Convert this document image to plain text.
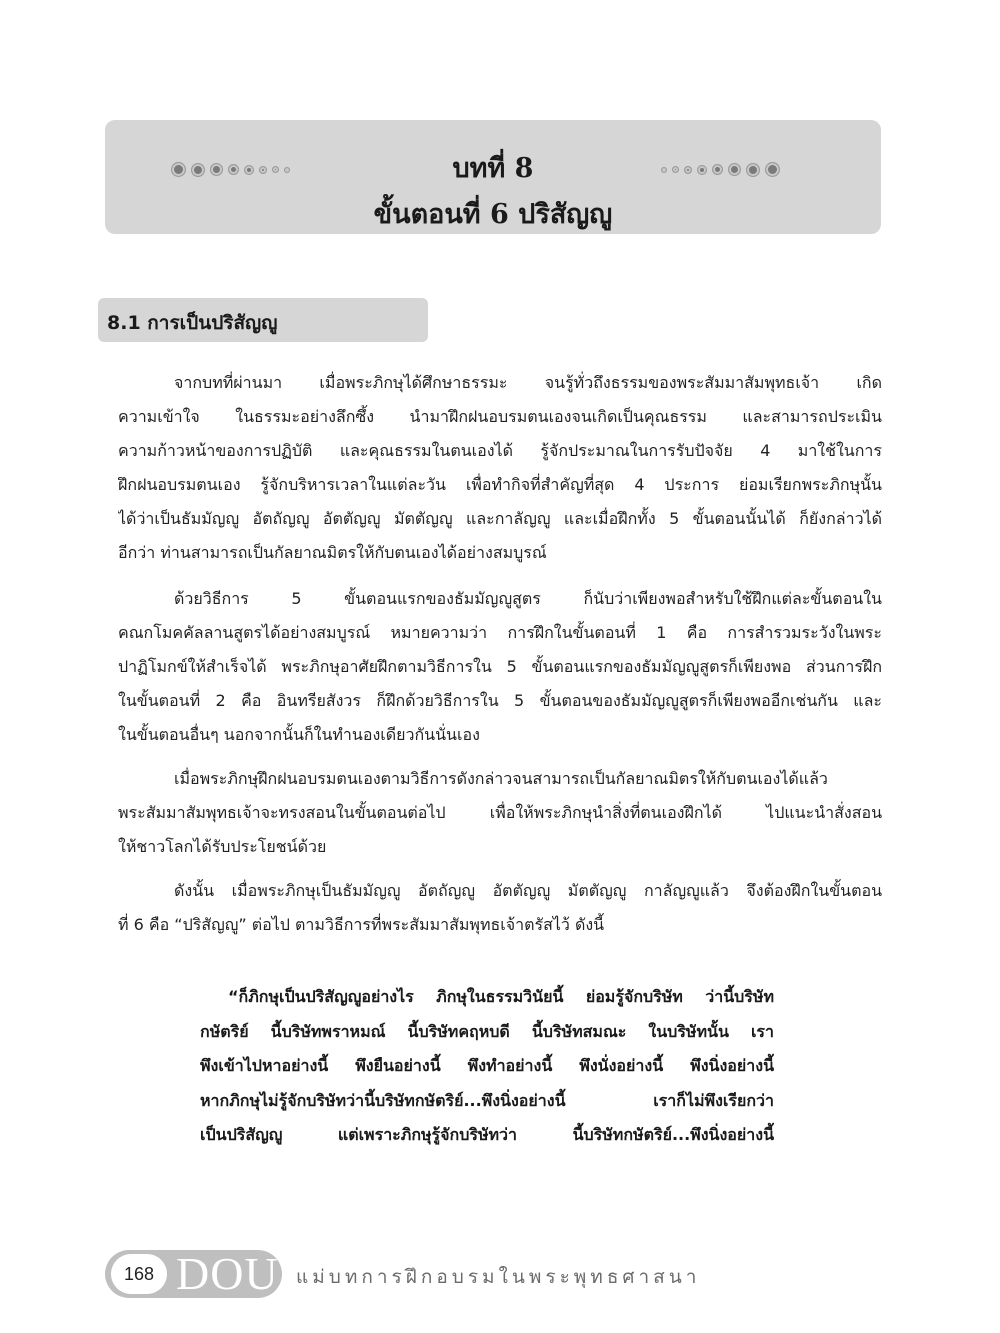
บทที่ 8
ขั้นตอนที่ 6 ปริสัญญู
8.1 การเป็นปริสัญญู
จากบทที่ผ่านมา เมื่อพระภิกษุได้ศึกษาธรรมะ จนรู้ทั่วถึงธรรมของพระสัมมาสัมพุทธเจ้า เกิด
ความเข้าใจ ในธรรมะอย่างลึกซึ้ง นำมาฝึกฝนอบรมตนเองจนเกิดเป็นคุณธรรม และสามารถประเมิน
ความก้าวหน้าของการปฏิบัติ และคุณธรรมในตนเองได้ รู้จักประมาณในการรับปัจจัย 4 มาใช้ในการ
ฝึกฝนอบรมตนเอง รู้จักบริหารเวลาในแต่ละวัน เพื่อทำกิจที่สำคัญที่สุด 4 ประการ ย่อมเรียกพระภิกษุนั้น
ได้ว่าเป็นธัมมัญญู อัตถัญญู อัตตัญญู มัตตัญญู และกาลัญญู และเมื่อฝึกทั้ง 5 ขั้นตอนนั้นได้ ก็ยังกล่าวได้
อีกว่า ท่านสามารถเป็นกัลยาณมิตรให้กับตนเองได้อย่างสมบูรณ์
ด้วยวิธีการ 5 ขั้นตอนแรกของธัมมัญญูสูตร ก็นับว่าเพียงพอสำหรับใช้ฝึกแต่ละขั้นตอนใน
คณกโมคคัลลานสูตรได้อย่างสมบูรณ์ หมายความว่า การฝึกในขั้นตอนที่ 1 คือ การสำรวมระวังในพระ
ปาฏิโมกข์ให้สำเร็จได้ พระภิกษุอาศัยฝึกตามวิธีการใน 5 ขั้นตอนแรกของธัมมัญญูสูตรก็เพียงพอ ส่วนการฝึก
ในขั้นตอนที่ 2 คือ อินทรียสังวร ก็ฝึกด้วยวิธีการใน 5 ขั้นตอนของธัมมัญญูสูตรก็เพียงพออีกเช่นกัน และ
ในขั้นตอนอื่นๆ นอกจากนั้นก็ในทำนองเดียวกันนั่นเอง
เมื่อพระภิกษุฝึกฝนอบรมตนเองตามวิธีการดังกล่าวจนสามารถเป็นกัลยาณมิตรให้กับตนเองได้แล้ว
พระสัมมาสัมพุทธเจ้าจะทรงสอนในขั้นตอนต่อไป เพื่อให้พระภิกษุนำสิ่งที่ตนเองฝึกได้ ไปแนะนำสั่งสอน
ให้ชาวโลกได้รับประโยชน์ด้วย
ดังนั้น เมื่อพระภิกษุเป็นธัมมัญญู อัตถัญญู อัตตัญญู มัตตัญญู กาลัญญูแล้ว จึงต้องฝึกในขั้นตอน
ที่ 6 คือ “ปริสัญญู” ต่อไป ตามวิธีการที่พระสัมมาสัมพุทธเจ้าตรัสไว้ ดังนี้
“ก็ภิกษุเป็นปริสัญญูอย่างไร ภิกษุในธรรมวินัยนี้ ย่อมรู้จักบริษัท ว่านี้บริษัท
กษัตริย์ นี้บริษัทพราหมณ์ นี้บริษัทคฤหบดี นี้บริษัทสมณะ ในบริษัทนั้น เรา
พึงเข้าไปหาอย่างนี้ พึงยืนอย่างนี้ พึงทำอย่างนี้ พึงนั่งอย่างนี้ พึงนิ่งอย่างนี้
หากภิกษุไม่รู้จักบริษัทว่านี้บริษัทกษัตริย์...พึงนิ่งอย่างนี้ เราก็ไม่พึงเรียกว่า
เป็นปริสัญญู แต่เพราะภิกษุรู้จักบริษัทว่า นี้บริษัทกษัตริย์...พึงนิ่งอย่างนี้
168 DOU แม่บทการฝึกอบรมในพระพุทธศาสนา
